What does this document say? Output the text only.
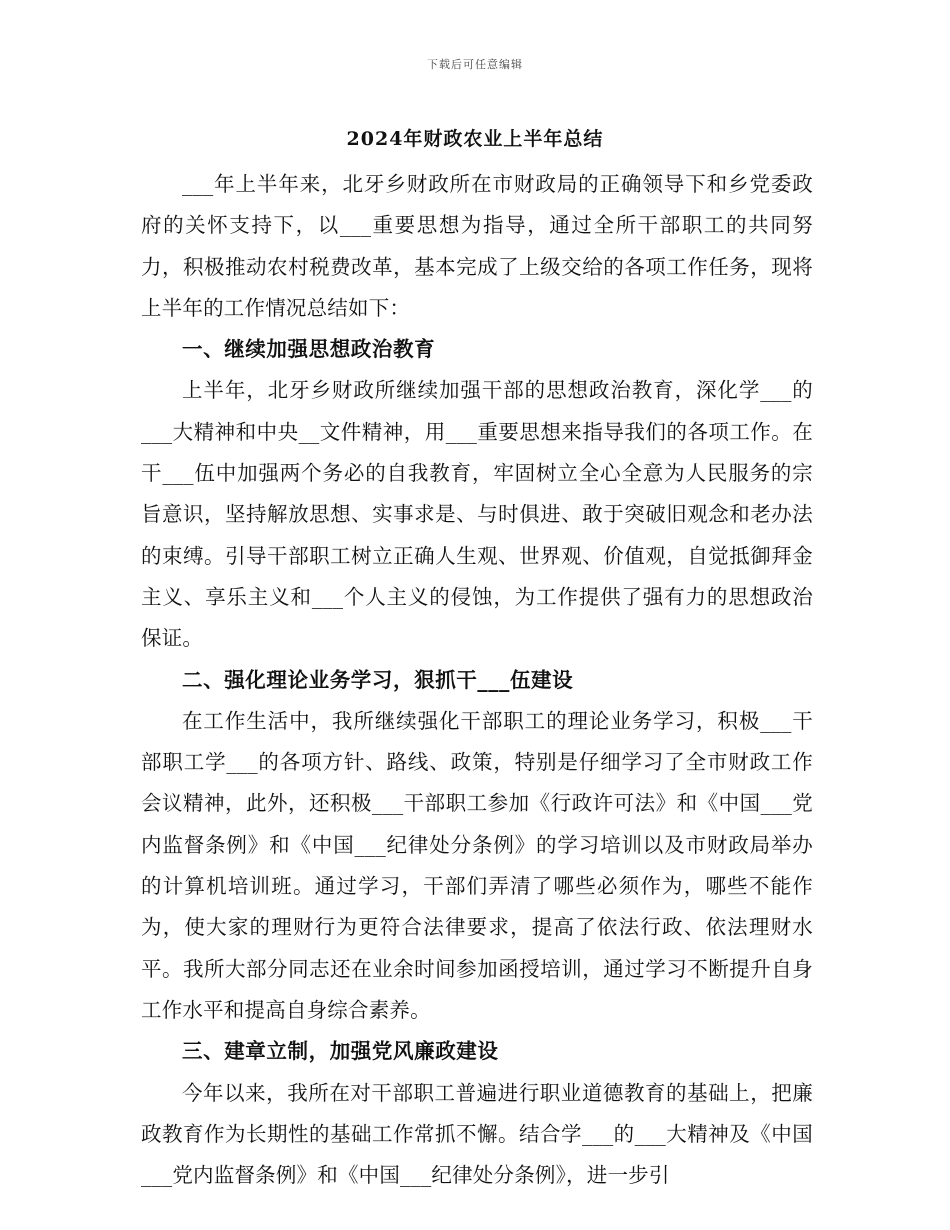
下载后可任意编辑
2024年财政农业上半年总结

___年上半年来，北牙乡财政所在市财政局的正确领导下和乡党委政府的关怀支持下，以___重要思想为指导，通过全所干部职工的共同努力，积极推动农村税费改革，基本完成了上级交给的各项工作任务，现将上半年的工作情况总结如下：

一、继续加强思想政治教育

上半年，北牙乡财政所继续加强干部的思想政治教育，深化学___的___大精神和中央__文件精神，用___重要思想来指导我们的各项工作。在干___伍中加强两个务必的自我教育，牢固树立全心全意为人民服务的宗旨意识，坚持解放思想、实事求是、与时俱进、敢于突破旧观念和老办法的束缚。引导干部职工树立正确人生观、世界观、价值观，自觉抵御拜金主义、享乐主义和___个人主义的侵蚀，为工作提供了强有力的思想政治保证。

二、强化理论业务学习，狠抓干___伍建设

在工作生活中，我所继续强化干部职工的理论业务学习，积极___干部职工学___的各项方针、路线、政策，特别是仔细学习了全市财政工作会议精神，此外，还积极___干部职工参加《行政许可法》和《中国___党内监督条例》和《中国___纪律处分条例》的学习培训以及市财政局举办的计算机培训班。通过学习，干部们弄清了哪些必须作为，哪些不能作为，使大家的理财行为更符合法律要求，提高了依法行政、依法理财水平。我所大部分同志还在业余时间参加函授培训，通过学习不断提升自身工作水平和提高自身综合素养。

三、建章立制，加强党风廉政建设

今年以来，我所在对干部职工普遍进行职业道德教育的基础上，把廉政教育作为长期性的基础工作常抓不懈。结合学___的___大精神及《中国___党内监督条例》和《中国___纪律处分条例》，进一步引
